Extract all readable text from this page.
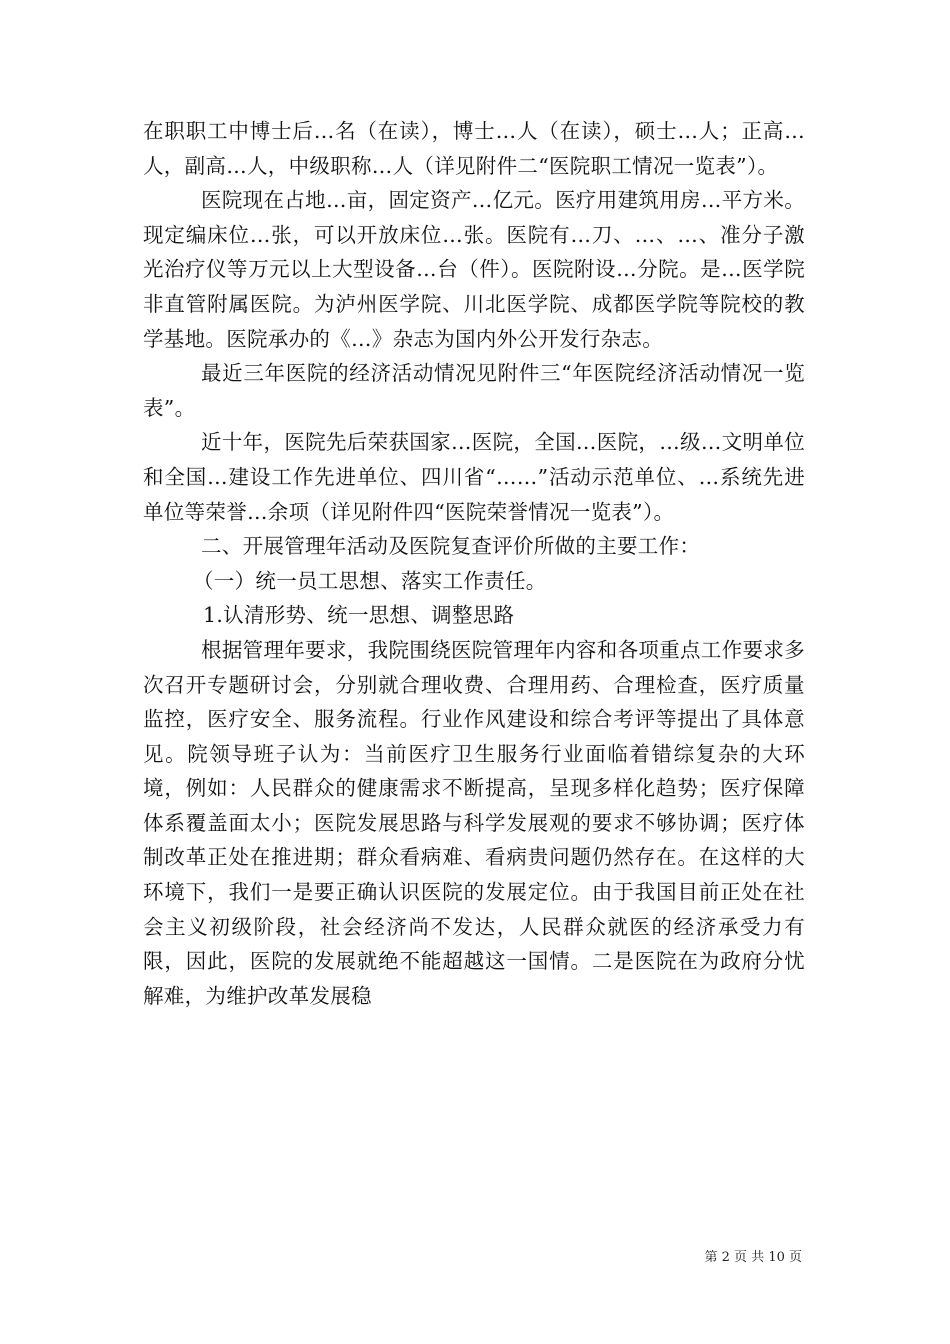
在职职工中博士后…名（在读），博士…人（在读），硕士…人；正高…人，副高…人，中级职称…人（详见附件二“医院职工情况一览表”）。

医院现在占地…亩，固定资产…亿元。医疗用建筑用房…平方米。现定编床位…张，可以开放床位…张。医院有…刀、…、…、准分子激光治疗仪等万元以上大型设备…台（件）。医院附设…分院。是…医学院非直管附属医院。为泸州医学院、川北医学院、成都医学院等院校的教学基地。医院承办的《…》杂志为国内外公开发行杂志。

最近三年医院的经济活动情况见附件三“年医院经济活动情况一览表”。

近十年，医院先后荣获国家…医院，全国…医院，…级…文明单位和全国…建设工作先进单位、四川省“……”活动示范单位、…系统先进单位等荣誉…余项（详见附件四“医院荣誉情况一览表”）。

二、开展管理年活动及医院复查评价所做的主要工作：

（一）统一员工思想、落实工作责任。

1.认清形势、统一思想、调整思路

根据管理年要求，我院围绕医院管理年内容和各项重点工作要求多次召开专题研讨会，分别就合理收费、合理用药、合理检查，医疗质量监控，医疗安全、服务流程。行业作风建设和综合考评等提出了具体意见。院领导班子认为：当前医疗卫生服务行业面临着错综复杂的大环境，例如：人民群众的健康需求不断提高，呈现多样化趋势；医疗保障体系覆盖面太小；医院发展思路与科学发展观的要求不够协调；医疗体制改革正处在推进期；群众看病难、看病贵问题仍然存在。在这样的大环境下，我们一是要正确认识医院的发展定位。由于我国目前正处在社会主义初级阶段，社会经济尚不发达，人民群众就医的经济承受力有限，因此，医院的发展就绝不能超越这一国情。二是医院在为政府分忧解难，为维护改革发展稳

第 2 页 共 10 页
